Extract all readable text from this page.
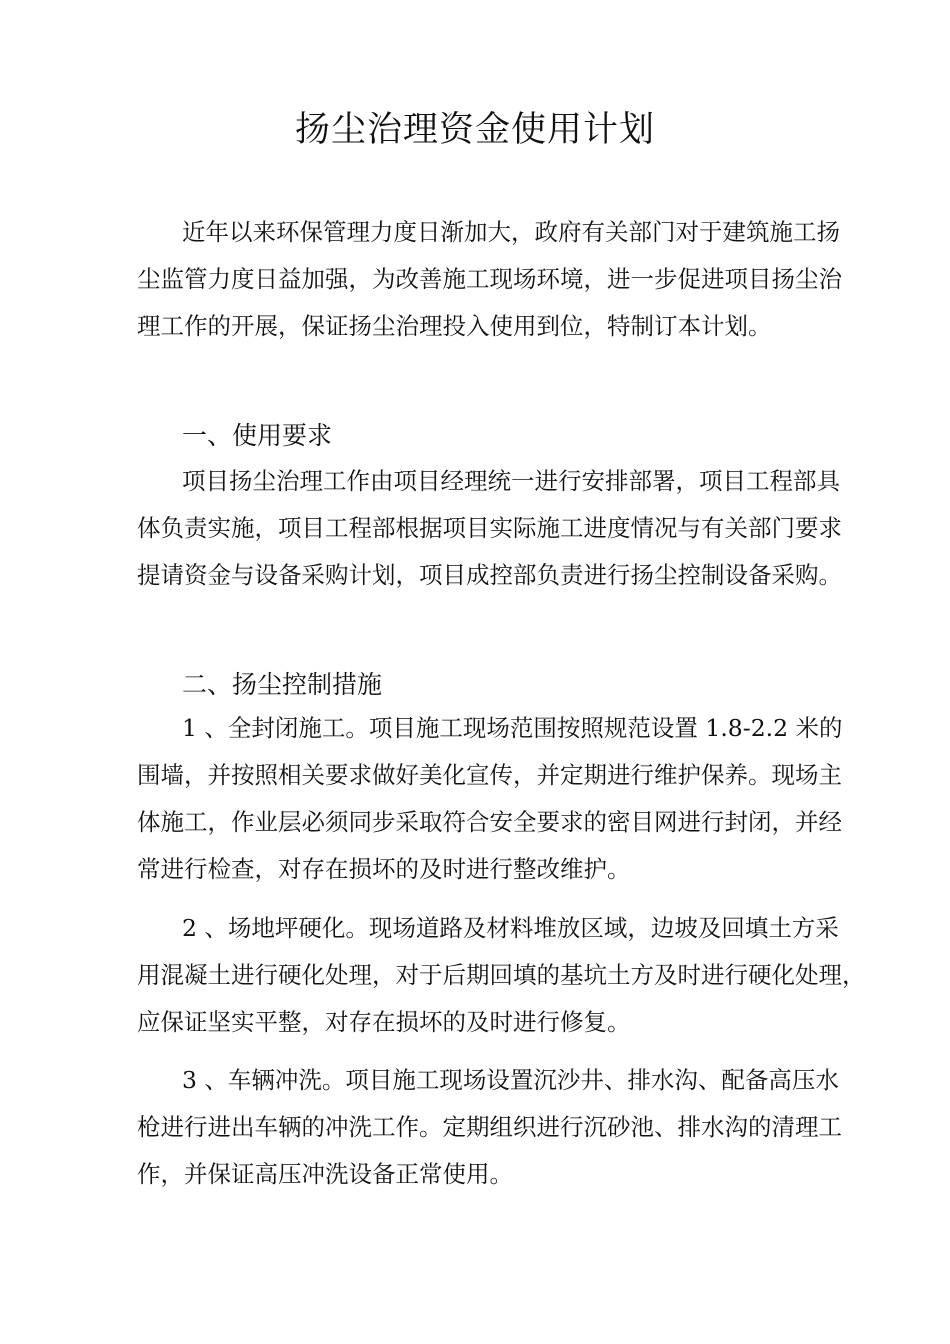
扬尘治理资金使用计划
近年以来环保管理力度日渐加大，政府有关部门对于建筑施工扬
尘监管力度日益加强，为改善施工现场环境，进一步促进项目扬尘治
理工作的开展，保证扬尘治理投入使用到位，特制订本计划。
一、使用要求
项目扬尘治理工作由项目经理统一进行安排部署，项目工程部具
体负责实施，项目工程部根据项目实际施工进度情况与有关部门要求
提请资金与设备采购计划，项目成控部负责进行扬尘控制设备采购。
二、扬尘控制措施
1 、全封闭施工。项目施工现场范围按照规范设置 1.8-2.2 米的
围墙，并按照相关要求做好美化宣传，并定期进行维护保养。现场主
体施工，作业层必须同步采取符合安全要求的密目网进行封闭，并经
常进行检查，对存在损坏的及时进行整改维护。
2 、场地坪硬化。现场道路及材料堆放区域，边坡及回填土方采
用混凝土进行硬化处理，对于后期回填的基坑土方及时进行硬化处理，
应保证坚实平整，对存在损坏的及时进行修复。
3 、车辆冲洗。项目施工现场设置沉沙井、排水沟、配备高压水
枪进行进出车辆的冲洗工作。定期组织进行沉砂池、排水沟的清理工
作，并保证高压冲洗设备正常使用。
